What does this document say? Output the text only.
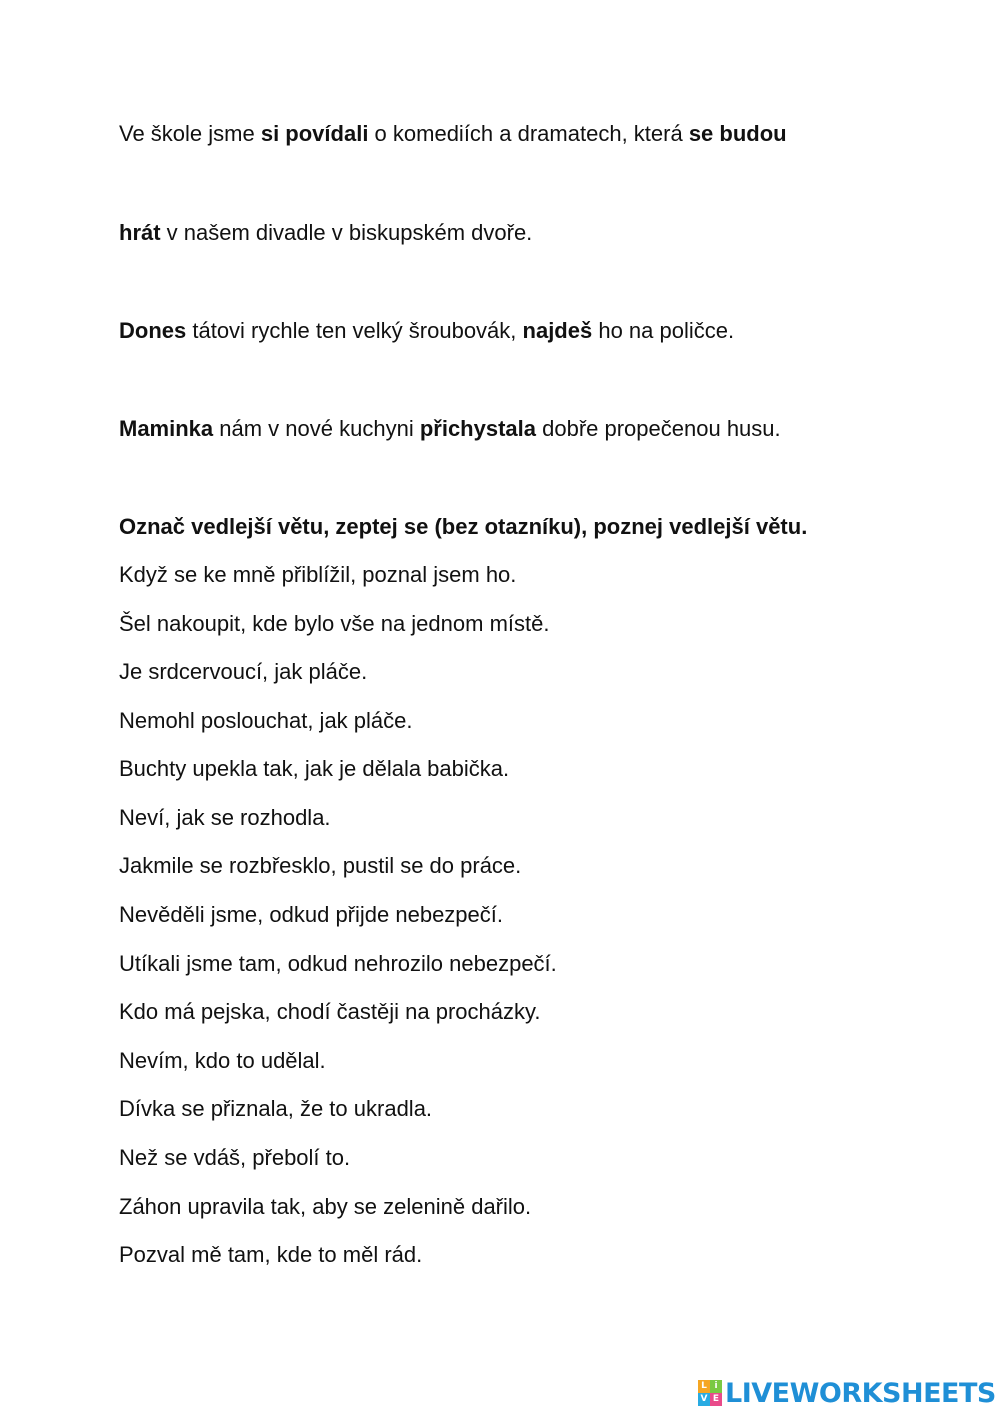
Ve škole jsme si povídali o komediích a dramatech, která se budou
hrát v našem divadle v biskupském dvoře.
Dones tátovi rychle ten velký šroubovák, najdeš ho na poličce.
Maminka nám v nové kuchyni přichystala dobře propečenou husu.
Označ vedlejší větu, zeptej se (bez otazníku), poznej vedlejší větu.
Když se ke mně přiblížil, poznal jsem ho.
Šel nakoupit, kde bylo vše na jednom místě.
Je srdcervoucí, jak pláče.
Nemohl poslouchat, jak pláče.
Buchty upekla tak, jak je dělala babička.
Neví, jak se rozhodla.
Jakmile se rozbřesklo, pustil se do práce.
Nevěděli jsme, odkud přijde nebezpečí.
Utíkali jsme tam, odkud nehrozilo nebezpečí.
Kdo má pejska, chodí častěji na procházky.
Nevím, kdo to udělal.
Dívka se přiznala, že to ukradla.
Než se vdáš, přebolí to.
Záhon upravila tak, aby se zelenině dařilo.
Pozval mě tam, kde to měl rád.
L i
V E LIVEWORKSHEETS
